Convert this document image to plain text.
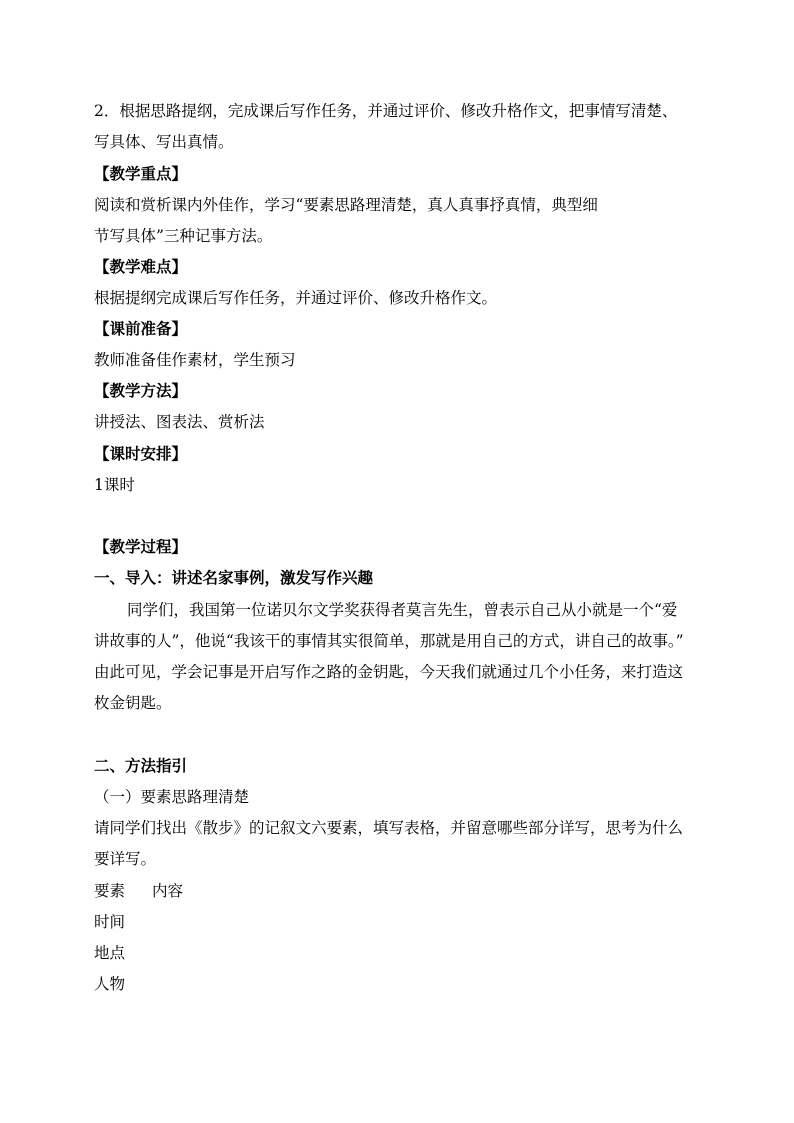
2．根据思路提纲，完成课后写作任务，并通过评价、修改升格作文，把事情写清楚、
写具体、写出真情。
【教学重点】
阅读和赏析课内外佳作，学习“要素思路理清楚，真人真事抒真情，典型细
节写具体”三种记事方法。
【教学难点】
根据提纲完成课后写作任务，并通过评价、修改升格作文。
【课前准备】
教师准备佳作素材，学生预习
【教学方法】
讲授法、图表法、赏析法
【课时安排】
1课时
【教学过程】
一、导入：讲述名家事例，激发写作兴趣
同学们，我国第一位诺贝尔文学奖获得者莫言先生，曾表示自己从小就是一个“爱
讲故事的人”，他说“我该干的事情其实很简单，那就是用自己的方式，讲自己的故事。”
由此可见，学会记事是开启写作之路的金钥匙，今天我们就通过几个小任务，来打造这
枚金钥匙。
二、方法指引
（一）要素思路理清楚
请同学们找出《散步》的记叙文六要素，填写表格，并留意哪些部分详写，思考为什么
要详写。
要素 内容
时间
地点
人物
